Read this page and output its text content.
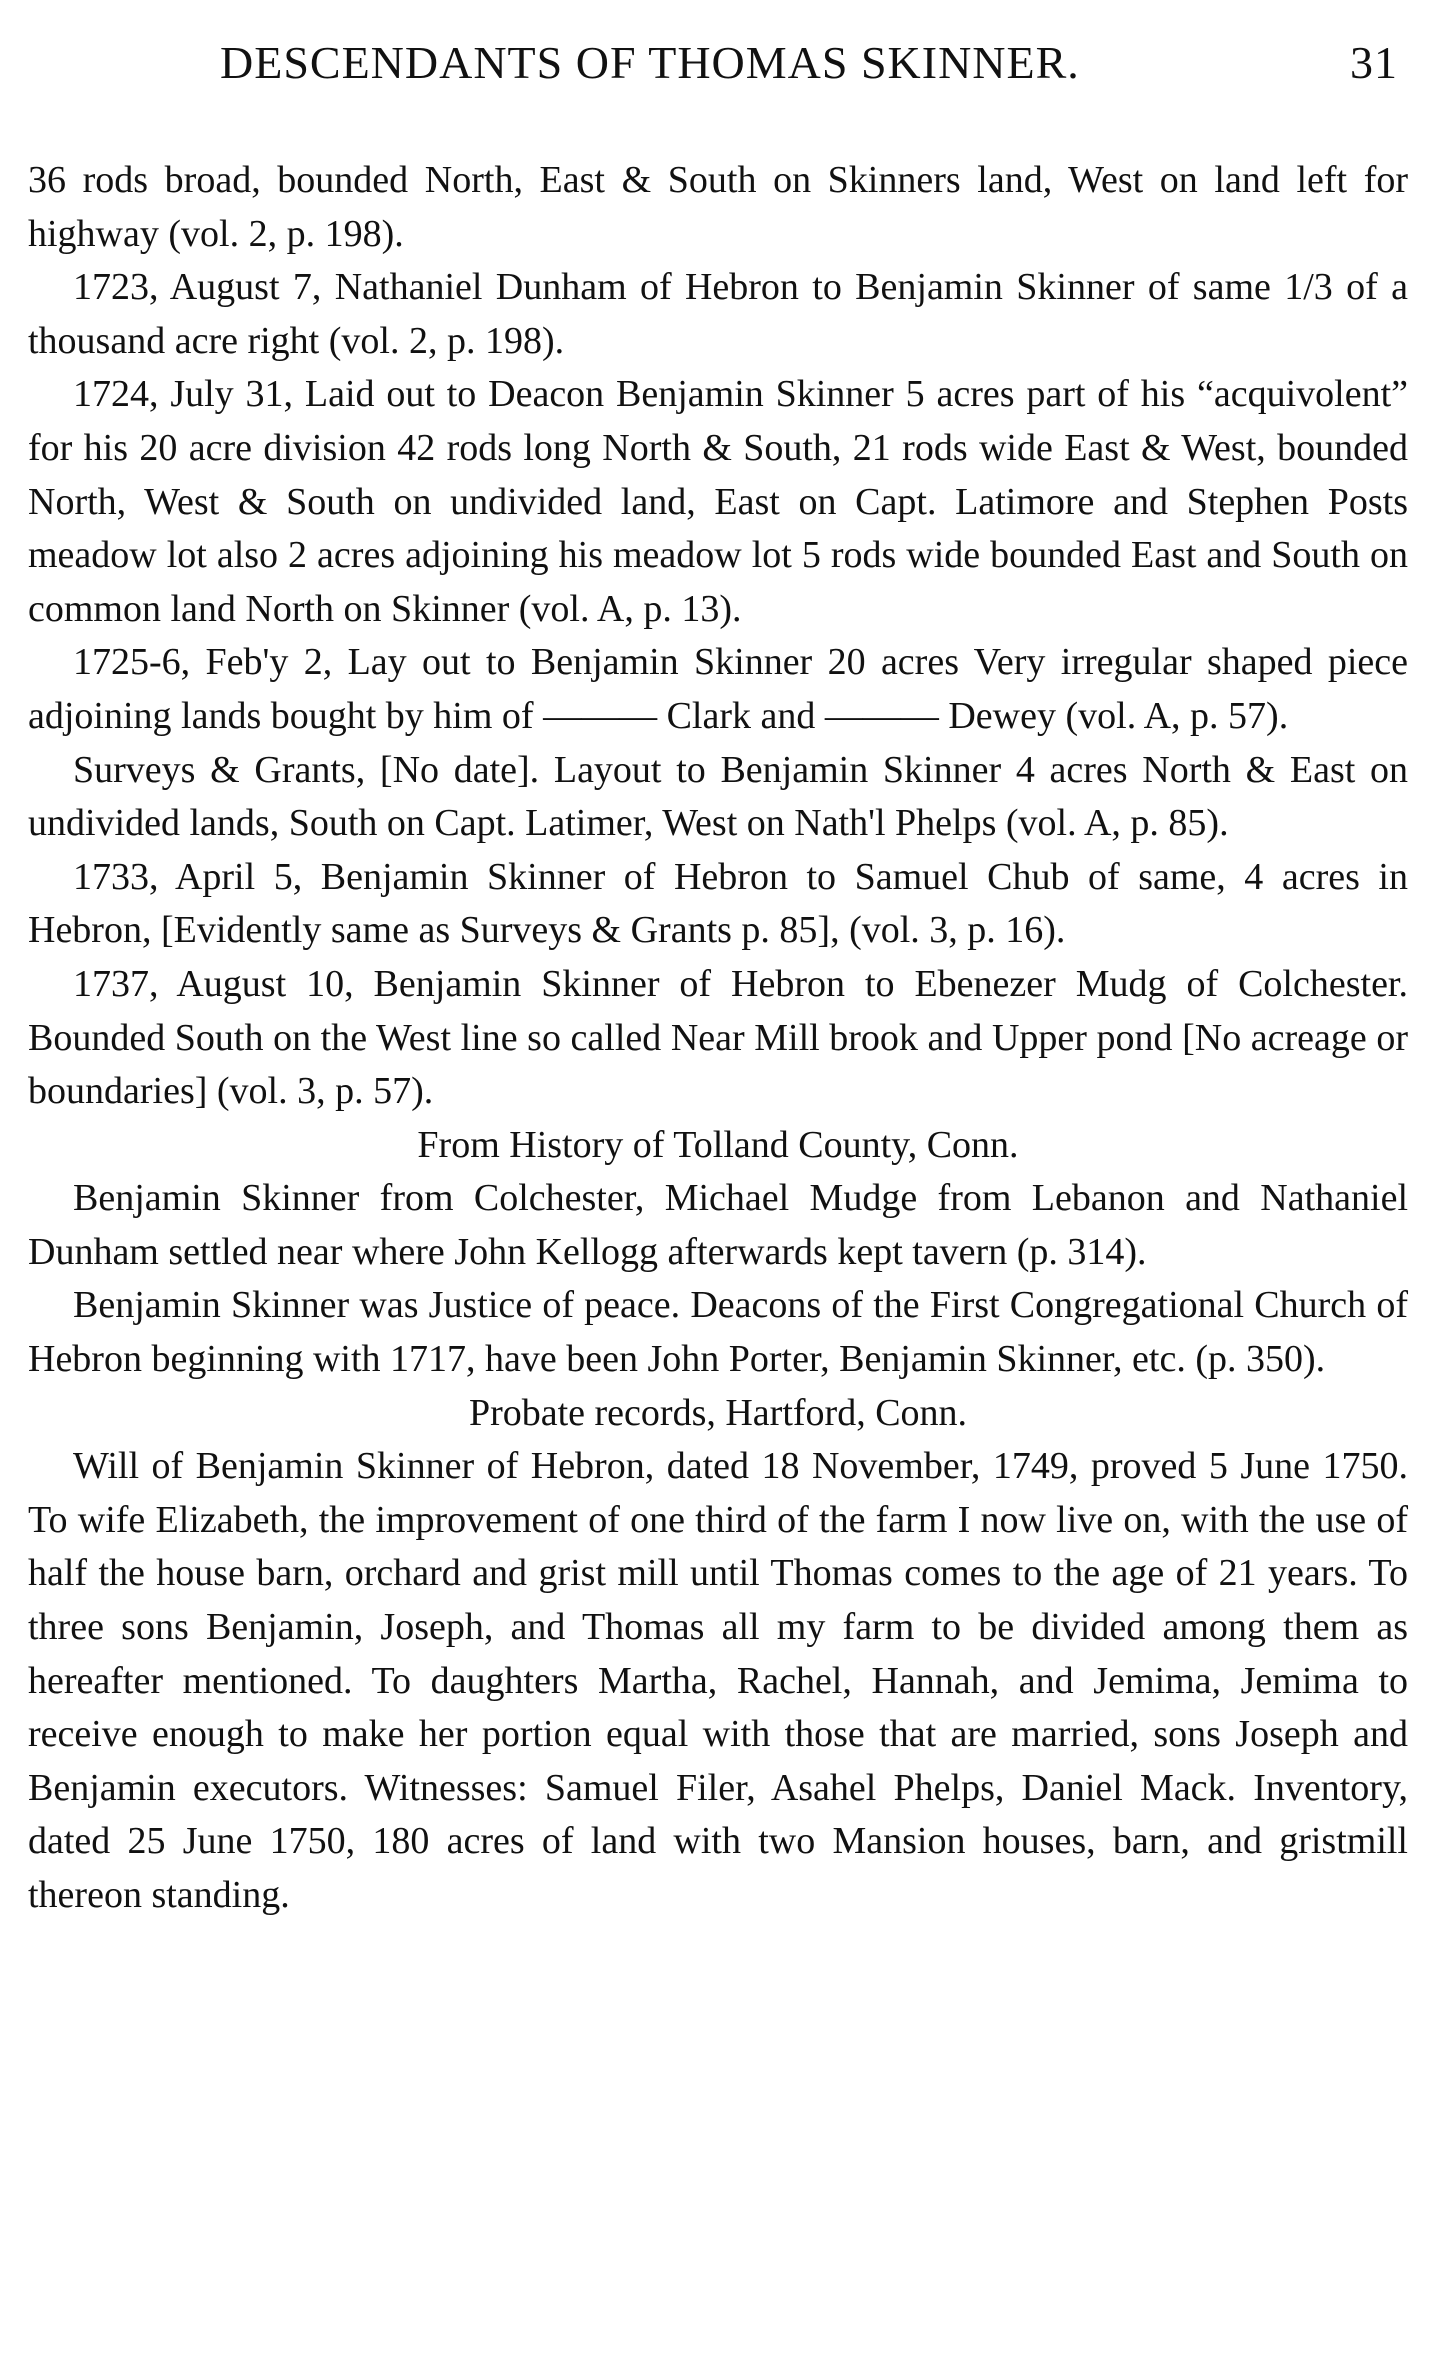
DESCENDANTS OF THOMAS SKINNER.	31

36 rods broad, bounded North, East & South on Skinners land, West on land left for highway (vol. 2, p. 198).

1723, August 7, Nathaniel Dunham of Hebron to Benjamin Skinner of same 1/3 of a thousand acre right (vol. 2, p. 198).

1724, July 31, Laid out to Deacon Benjamin Skinner 5 acres part of his “acquivolent” for his 20 acre division 42 rods long North & South, 21 rods wide East & West, bounded North, West & South on undivided land, East on Capt. Latimore and Stephen Posts meadow lot also 2 acres adjoining his meadow lot 5 rods wide bounded East and South on common land North on Skinner (vol. A, p. 13).

1725-6, Feb'y 2, Lay out to Benjamin Skinner 20 acres Very irregular shaped piece adjoining lands bought by him of ——— Clark and ——— Dewey (vol. A, p. 57).

Surveys & Grants, [No date]. Layout to Benjamin Skinner 4 acres North & East on undivided lands, South on Capt. Latimer, West on Nath'l Phelps (vol. A, p. 85).

1733, April 5, Benjamin Skinner of Hebron to Samuel Chub of same, 4 acres in Hebron, [Evidently same as Surveys & Grants p. 85], (vol. 3, p. 16).

1737, August 10, Benjamin Skinner of Hebron to Ebenezer Mudg of Colchester. Bounded South on the West line so called Near Mill brook and Upper pond [No acreage or boundaries] (vol. 3, p. 57).

From History of Tolland County, Conn.

Benjamin Skinner from Colchester, Michael Mudge from Lebanon and Nathaniel Dunham settled near where John Kellogg afterwards kept tavern (p. 314).

Benjamin Skinner was Justice of peace. Deacons of the First Congregational Church of Hebron beginning with 1717, have been John Porter, Benjamin Skinner, etc. (p. 350).

Probate records, Hartford, Conn.

Will of Benjamin Skinner of Hebron, dated 18 November, 1749, proved 5 June 1750. To wife Elizabeth, the improvement of one third of the farm I now live on, with the use of half the house barn, orchard and grist mill until Thomas comes to the age of 21 years. To three sons Benjamin, Joseph, and Thomas all my farm to be divided among them as hereafter mentioned. To daughters Martha, Rachel, Hannah, and Jemima, Jemima to receive enough to make her portion equal with those that are married, sons Joseph and Benjamin executors. Witnesses: Samuel Filer, Asahel Phelps, Daniel Mack. Inventory, dated 25 June 1750, 180 acres of land with two Mansion houses, barn, and gristmill thereon standing.
